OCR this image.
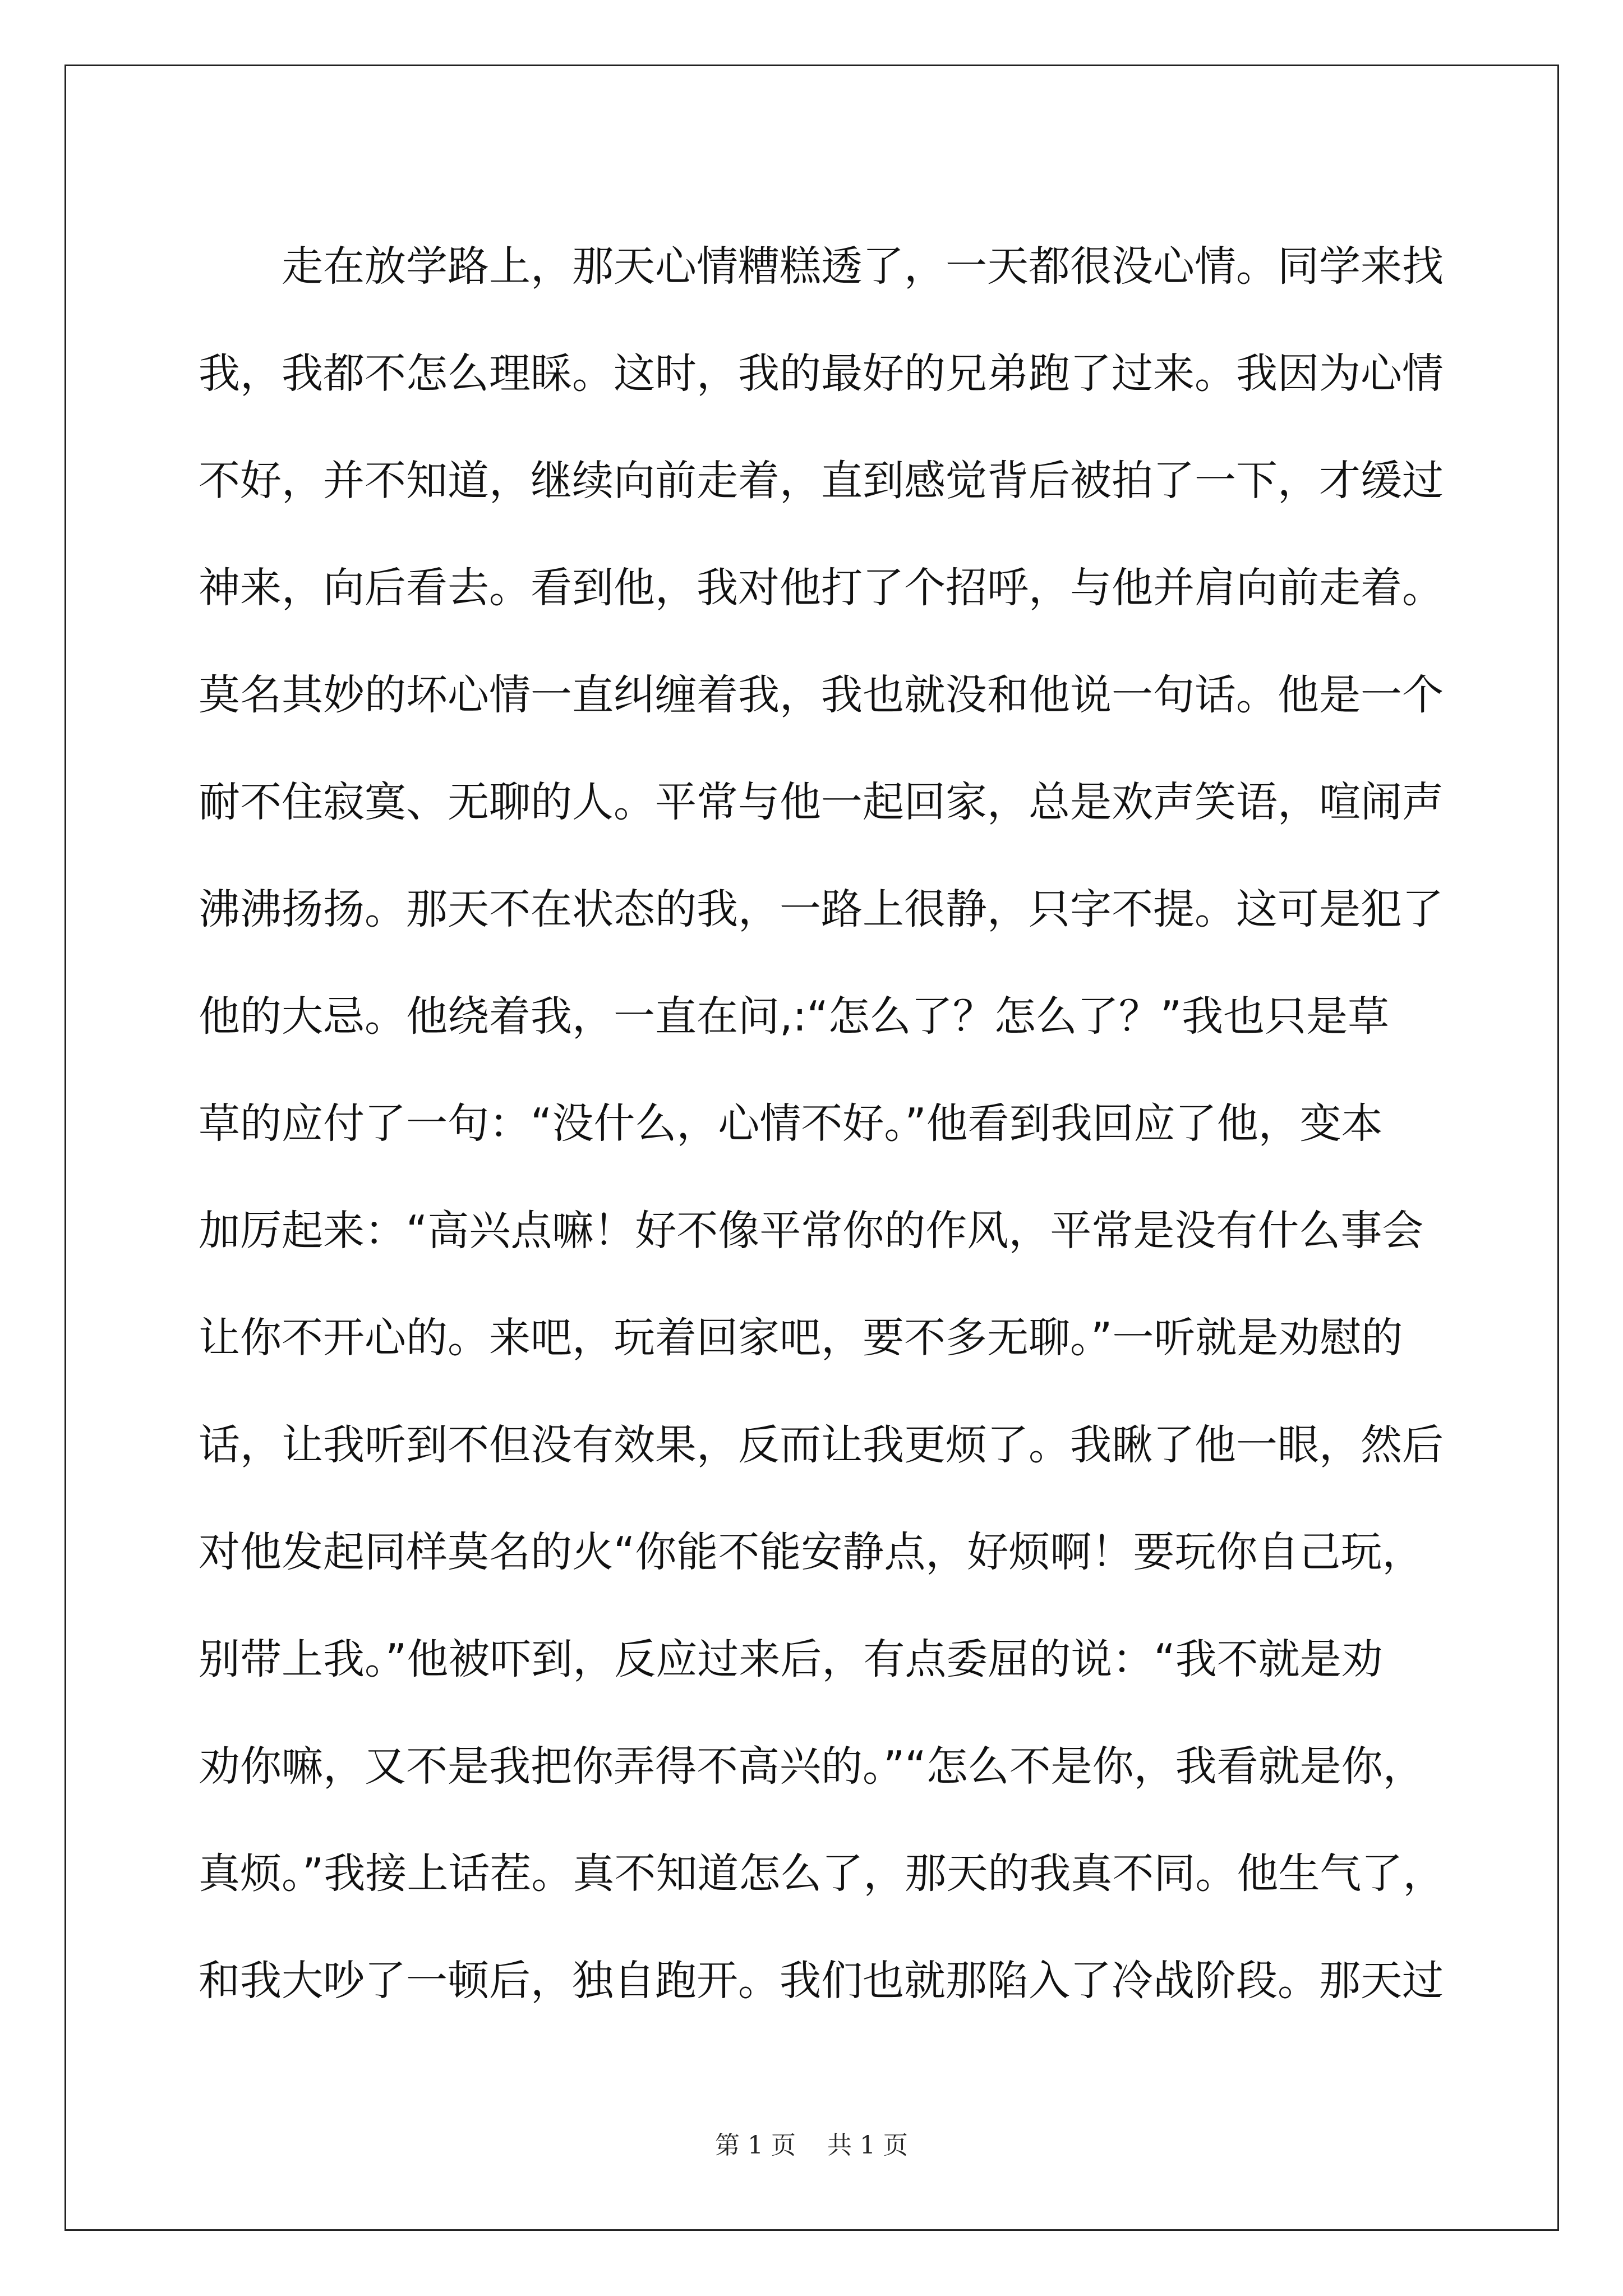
　　走在放学路上，那天心情糟糕透了，一天都很没心情。同学来找
我，我都不怎么理睬。这时，我的最好的兄弟跑了过来。我因为心情
不好，并不知道，继续向前走着，直到感觉背后被拍了一下，才缓过
神来，向后看去。看到他，我对他打了个招呼，与他并肩向前走着。
莫名其妙的坏心情一直纠缠着我，我也就没和他说一句话。他是一个
耐不住寂寞、无聊的人。平常与他一起回家，总是欢声笑语，喧闹声
沸沸扬扬。那天不在状态的我，一路上很静，只字不提。这可是犯了
他的大忌。他绕着我，一直在问,:“怎么了？怎么了？”我也只是草
草的应付了一句：“没什么，心情不好。”他看到我回应了他，变本
加厉起来：“高兴点嘛！好不像平常你的作风，平常是没有什么事会
让你不开心的。来吧，玩着回家吧，要不多无聊。”一听就是劝慰的
话，让我听到不但没有效果，反而让我更烦了。我瞅了他一眼，然后
对他发起同样莫名的火“你能不能安静点，好烦啊！要玩你自己玩，
别带上我。”他被吓到，反应过来后，有点委屈的说：“我不就是劝
劝你嘛，又不是我把你弄得不高兴的。”“怎么不是你，我看就是你，
真烦。”我接上话茬。真不知道怎么了，那天的我真不同。他生气了，
和我大吵了一顿后，独自跑开。我们也就那陷入了冷战阶段。那天过
第 1 页    共 1 页
